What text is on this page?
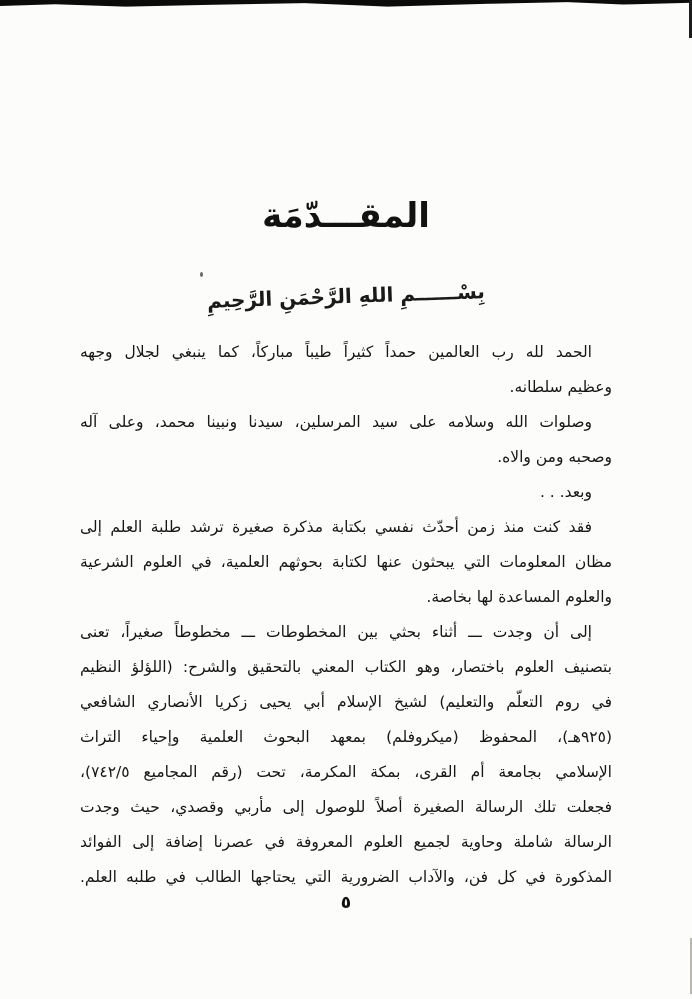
المقـــدّمَة
بِسْــــــمِ اللهِ الرَّحْمَنِ الرَّحِيمِ
الحمد لله رب العالمين حمداً كثيراً طيباً مباركاً، كما ينبغي لجلال وجهه
وعظيم سلطانه.
وصلوات الله وسلامه على سيد المرسلين، سيدنا ونبينا محمد، وعلى آله
وصحبه ومن والاه.
وبعد. . .
فقد كنت منذ زمن أحدّث نفسي بكتابة مذكرة صغيرة ترشد طلبة العلم إلى
مظان المعلومات التي يبحثون عنها لكتابة بحوثهم العلمية، في العلوم الشرعية
والعلوم المساعدة لها بخاصة.
إلى أن وجدت ـــ أثناء بحثي بين المخطوطات ـــ مخطوطاً صغيراً، تعنى
بتصنيف العلوم باختصار، وهو الكتاب المعني بالتحقيق والشرح: (اللؤلؤ النظيم
في روم التعلّم والتعليم) لشيخ الإسلام أبي يحيى زكريا الأنصاري الشافعي
(٩٢٥هـ)، المحفوظ (ميكروفلم) بمعهد البحوث العلمية وإحياء التراث
الإسلامي بجامعة أم القرى، بمكة المكرمة، تحت (رقم المجاميع ٧٤٢/٥)،
فجعلت تلك الرسالة الصغيرة أصلاً للوصول إلى مأربي وقصدي، حيث وجدت
الرسالة شاملة وحاوية لجميع العلوم المعروفة في عصرنا إضافة إلى الفوائد
المذكورة في كل فن، والآداب الضرورية التي يحتاجها الطالب في طلبه العلم.
٥
